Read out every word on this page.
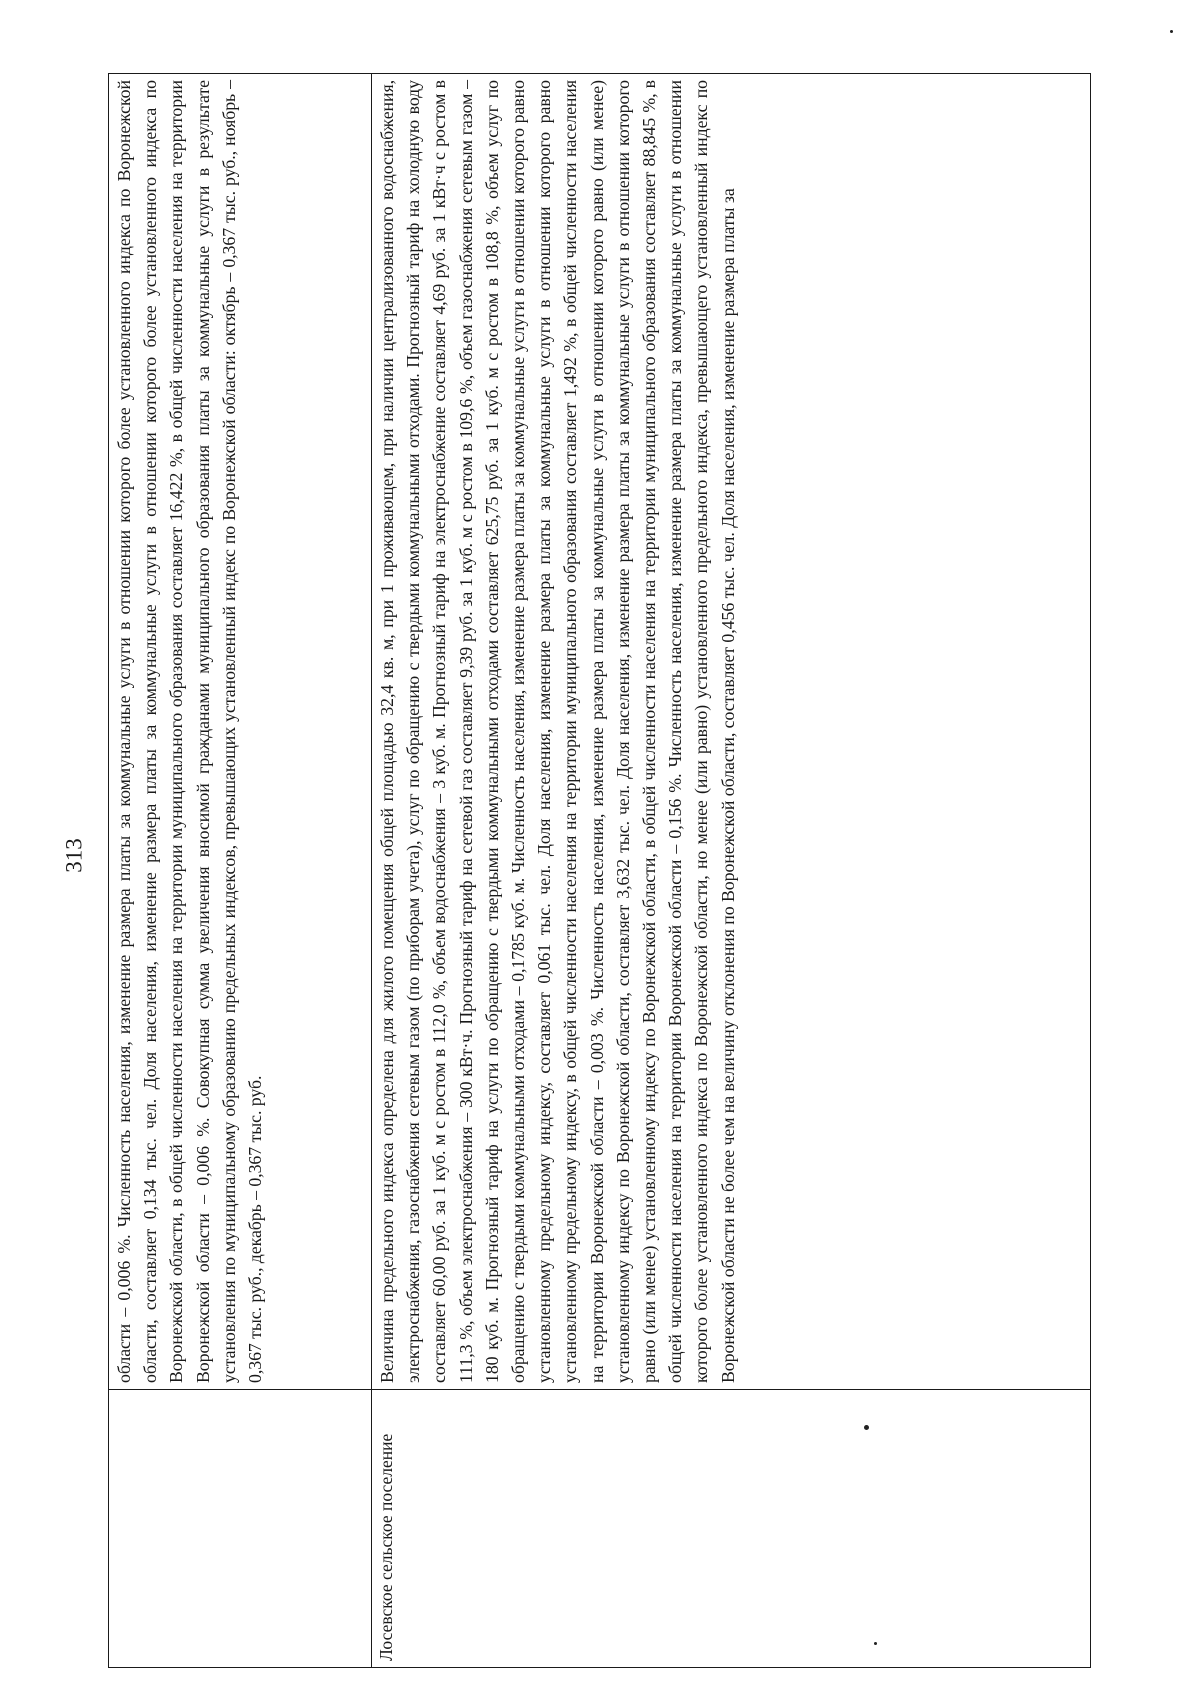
313
	области – 0,006 %. Численность населения, изменение размера платы за коммунальные услуги в отношении которого более установленного индекса по Воронежской области, составляет 0,134 тыс. чел. Доля населения, изменение размера платы за коммунальные услуги в отношении которого более установленного индекса по Воронежской области, в общей численности населения на территории муниципального образования составляет 16,422 %, в общей численности населения на территории Воронежской области – 0,006 %. Совокупная сумма увеличения вносимой гражданами муниципального образования платы за коммунальные услуги в результате установления по муниципальному образованию предельных индексов, превышающих установленный индекс по Воронежской области: октябрь – 0,367 тыс. руб., ноябрь – 0,367 тыс. руб., декабрь – 0,367 тыс. руб.
Лосевское сельское поселение	Величина предельного индекса определена для жилого помещения общей площадью 32,4 кв. м, при 1 проживающем, при наличии централизованного водоснабжения, электроснабжения, газоснабжения сетевым газом (по приборам учета), услуг по обращению с твердыми коммунальными отходами. Прогнозный тариф на холодную воду составляет 60,00 руб. за 1 куб. м с ростом в 112,0 %, объем водоснабжения – 3 куб. м. Прогнозный тариф на электроснабжение составляет 4,69 руб. за 1 кВт·ч с ростом в 111,3 %, объем электроснабжения – 300 кВт·ч. Прогнозный тариф на сетевой газ составляет 9,39 руб. за 1 куб. м с ростом в 109,6 %, объем газоснабжения сетевым газом – 180 куб. м. Прогнозный тариф на услуги по обращению с твердыми коммунальными отходами составляет 625,75 руб. за 1 куб. м с ростом в 108,8 %, объем услуг по обращению с твердыми коммунальными отходами – 0,1785 куб. м. Численность населения, изменение размера платы за коммунальные услуги в отношении которого равно установленному предельному индексу, составляет 0,061 тыс. чел. Доля населения, изменение размера платы за коммунальные услуги в отношении которого равно установленному предельному индексу, в общей численности населения на территории муниципального образования составляет 1,492 %, в общей численности населения на территории Воронежской области – 0,003 %. Численность населения, изменение размера платы за коммунальные услуги в отношении которого равно (или менее) установленному индексу по Воронежской области, составляет 3,632 тыс. чел. Доля населения, изменение размера платы за коммунальные услуги в отношении которого равно (или менее) установленному индексу по Воронежской области, в общей численности населения на территории муниципального образования составляет 88,845 %, в общей численности населения на территории Воронежской области – 0,156 %. Численность населения, изменение размера платы за коммунальные услуги в отношении которого более установленного индекса по Воронежской области, но менее (или равно) установленного предельного индекса, превышающего установленный индекс по Воронежской области не более чем на величину отклонения по Воронежской области, составляет 0,456 тыс. чел. Доля населения, изменение размера платы за
